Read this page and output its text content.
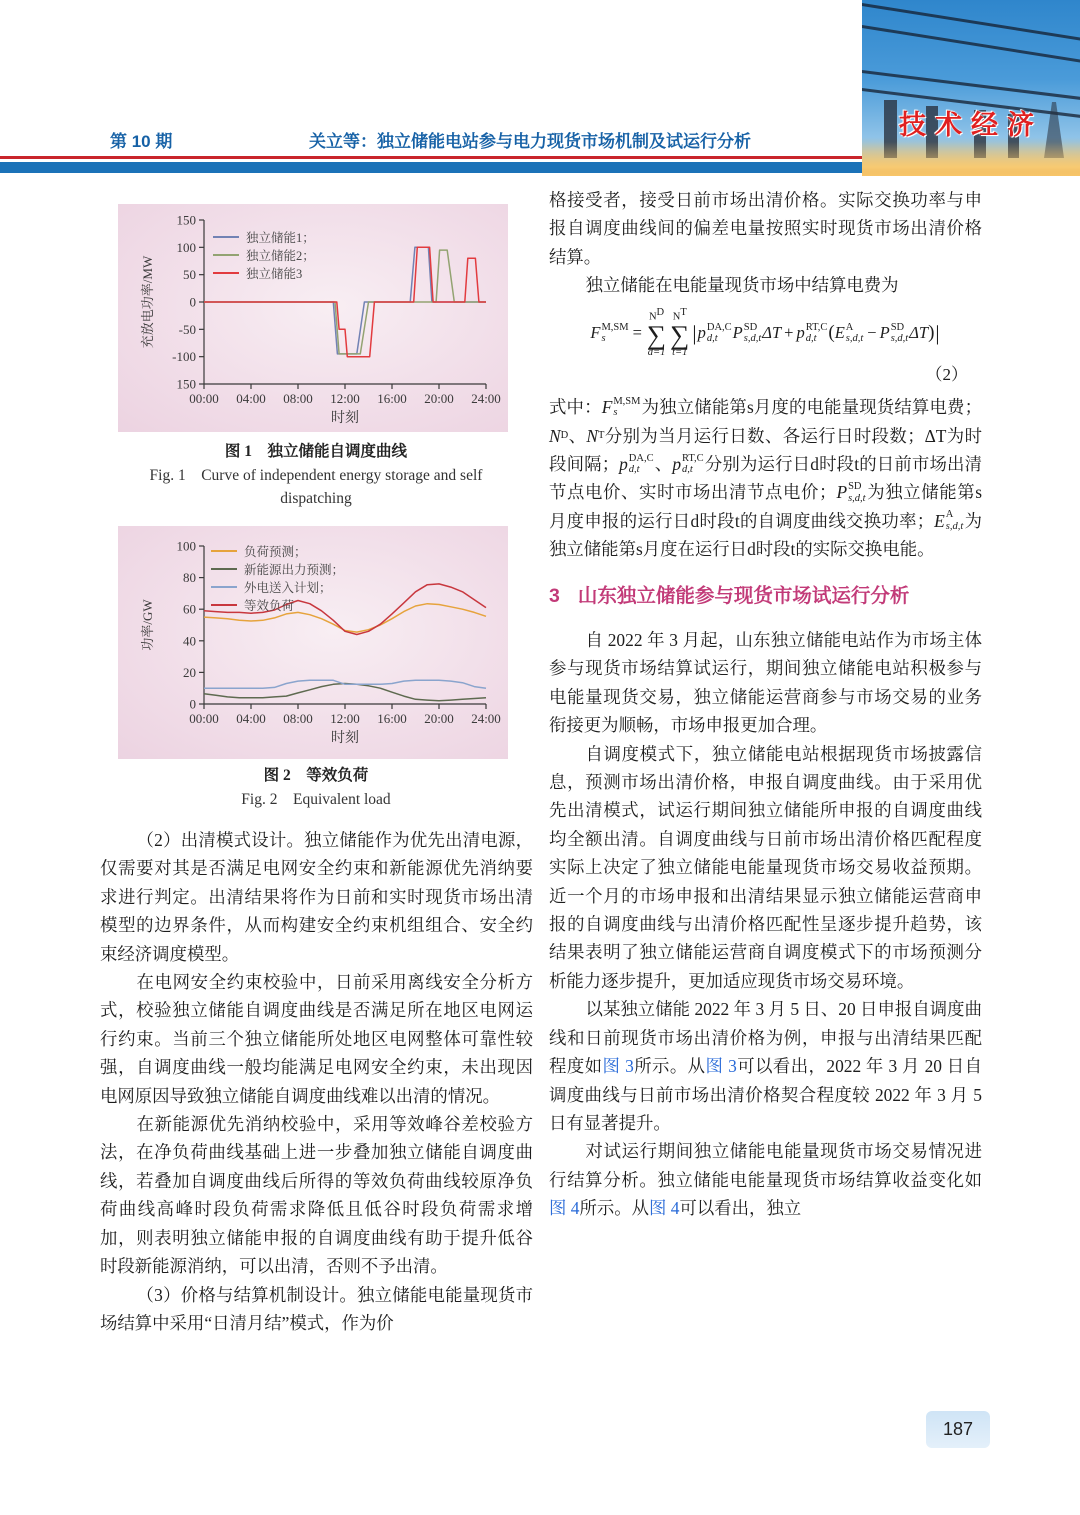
第 10 期	关立等：独立储能电站参与电力现货市场机制及试运行分析
技术经济
150
100
50
0
-50
-100
150
00:00 04:00 08:00 12:00 16:00 20:00 24:00
充放电功率/MW
时刻
独立储能1；
独立储能2；
独立储能3
图 1　独立储能自调度曲线
Fig. 1　Curve of independent energy storage and self dispatching
0
20
40
60
80
100
00:00 04:00 08:00 12:00 16:00 20:00 24:00
功率/GW
时刻
负荷预测；
新能源出力预测；
外电送入计划；
等效负荷
图 2　等效负荷
Fig. 2　Equivalent load

（2）出清模式设计。独立储能作为优先出清电源，仅需要对其是否满足电网安全约束和新能源优先消纳要求进行判定。出清结果将作为日前和实时现货市场出清模型的边界条件，从而构建安全约束机组组合、安全约束经济调度模型。

在电网安全约束校验中，日前采用离线安全分析方式，校验独立储能自调度曲线是否满足所在地区电网运行约束。当前三个独立储能所处地区电网整体可靠性较强，自调度曲线一般均能满足电网安全约束，未出现因电网原因导致独立储能自调度曲线难以出清的情况。

在新能源优先消纳校验中，采用等效峰谷差校验方法，在净负荷曲线基础上进一步叠加独立储能自调度曲线，若叠加自调度曲线后所得的等效负荷曲线较原净负荷曲线高峰时段负荷需求降低且低谷时段负荷需求增加，则表明独立储能申报的自调度曲线有助于提升低谷时段新能源消纳，可以出清，否则不予出清。

（3）价格与结算机制设计。独立储能电能量现货市场结算中采用“日清月结”模式，作为价

格接受者，接受日前市场出清价格。实际交换功率与申报自调度曲线间的偏差电量按照实时现货市场出清价格结算。

独立储能在电能量现货市场中结算电费为

F M,SM
s	=
$N^D$
∑
d=1
$N^T$
∑
t=1
| p DA,C
d,t P SD
s,d,t ΔT + p RT,C
d,t ( E A
s,d,t − P SD
s,d,t ΔT ) |
（2）

式中： F M,SM
s	为独立储能第s月度的电能量现货结算电费；
N D 、 N T 分别为当月运行日数、各运行日时段数；ΔT为时段间隔； p DA,C
d,t 、 p RT,C
d,t 分别为运行日d时段t的日前市场出清节点电价、实时市场出清节点电价； P SD
s,d,t 为独立储能第s月度申报的运行日d时段t的自调度曲线交换功率； E A
s,d,t 为独立储能第s月度在运行日d时段t的实际交换电能。

3 山东独立储能参与现货市场试运行分析

自 2022 年 3 月起，山东独立储能电站作为市场主体参与现货市场结算试运行，期间独立储能电站积极参与电能量现货交易，独立储能运营商参与市场交易的业务衔接更为顺畅，市场申报更加合理。

自调度模式下，独立储能电站根据现货市场披露信息，预测市场出清价格，申报自调度曲线。由于采用优先出清模式，试运行期间独立储能所申报的自调度曲线均全额出清。自调度曲线与日前市场出清价格匹配程度实际上决定了独立储能电能量现货市场交易收益预期。近一个月的市场申报和出清结果显示独立储能运营商申报的自调度曲线与出清价格匹配性呈逐步提升趋势，该结果表明了独立储能运营商自调度模式下的市场预测分析能力逐步提升，更加适应现货市场交易环境。

以某独立储能 2022 年 3 月 5 日、20 日申报自调度曲线和日前现货市场出清价格为例，申报与出清结果匹配程度如图 3所示。从图 3可以看出，2022 年 3 月 20 日自调度曲线与日前市场出清价格契合程度较 2022 年 3 月 5 日有显著提升。

对试运行期间独立储能电能量现货市场交易情况进行结算分析。独立储能电能量现货市场结算收益变化如图 4所示。从图 4可以看出，独立

187
